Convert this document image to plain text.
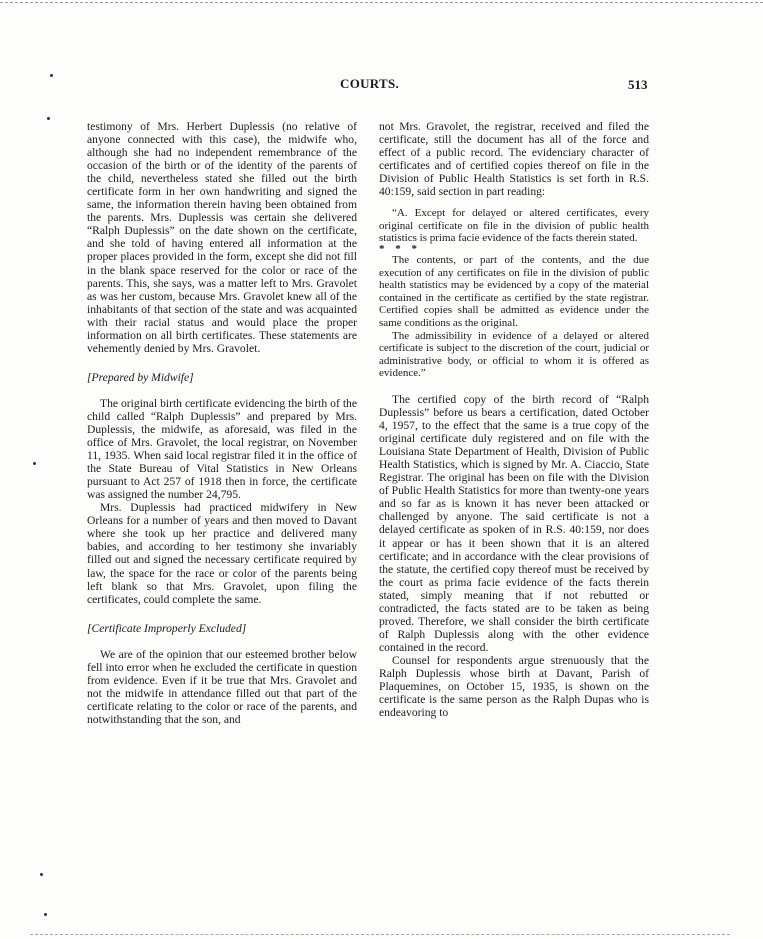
COURTS.	513

testimony of Mrs. Herbert Duplessis (no relative of anyone connected with this case), the midwife who, although she had no independent remembrance of the occasion of the birth or of the identity of the parents of the child, nevertheless stated she filled out the birth certificate form in her own handwriting and signed the same, the information therein having been obtained from the parents. Mrs. Duplessis was certain she delivered “Ralph Duplessis” on the date shown on the certificate, and she told of having entered all information at the proper places provided in the form, except she did not fill in the blank space reserved for the color or race of the parents. This, she says, was a matter left to Mrs. Gravolet as was her custom, because Mrs. Gravolet knew all of the inhabitants of that section of the state and was acquainted with their racial status and would place the proper information on all birth certificates. These statements are vehemently denied by Mrs. Gravolet.

[Prepared by Midwife]

The original birth certificate evidencing the birth of the child called “Ralph Duplessis” and prepared by Mrs. Duplessis, the midwife, as aforesaid, was filed in the office of Mrs. Gravolet, the local registrar, on November 11, 1935. When said local registrar filed it in the office of the State Bureau of Vital Statistics in New Orleans pursuant to Act 257 of 1918 then in force, the certificate was assigned the number 24,795.

Mrs. Duplessis had practiced midwifery in New Orleans for a number of years and then moved to Davant where she took up her practice and delivered many babies, and according to her testimony she invariably filled out and signed the necessary certificate required by law, the space for the race or color of the parents being left blank so that Mrs. Gravolet, upon filing the certificates, could complete the same.

[Certificate Improperly Excluded]

We are of the opinion that our esteemed brother below fell into error when he excluded the certificate in question from evidence. Even if it be true that Mrs. Gravolet and not the midwife in attendance filled out that part of the certificate relating to the color or race of the parents, and notwithstanding that the son, and

not Mrs. Gravolet, the registrar, received and filed the certificate, still the document has all of the force and effect of a public record. The evidenciary character of certificates and of certified copies thereof on file in the Division of Public Health Statistics is set forth in R.S. 40:159, said section in part reading:

“A. Except for delayed or altered certificates, every original certificate on file in the division of public health statistics is prima facie evidence of the facts therein stated.

* * *

The contents, or part of the contents, and the due execution of any certificates on file in the division of public health statistics may be evidenced by a copy of the material contained in the certificate as certified by the state registrar. Certified copies shall be admitted as evidence under the same conditions as the original.

The admissibility in evidence of a delayed or altered certificate is subject to the discretion of the court, judicial or administrative body, or official to whom it is offered as evidence.”

The certified copy of the birth record of “Ralph Duplessis” before us bears a certification, dated October 4, 1957, to the effect that the same is a true copy of the original certificate duly registered and on file with the Louisiana State Department of Health, Division of Public Health Statistics, which is signed by Mr. A. Ciaccio, State Registrar. The original has been on file with the Division of Public Health Statistics for more than twenty-one years and so far as is known it has never been attacked or challenged by anyone. The said certificate is not a delayed certificate as spoken of in R.S. 40:159, nor does it appear or has it been shown that it is an altered certificate; and in accordance with the clear provisions of the statute, the certified copy thereof must be received by the court as prima facie evidence of the facts therein stated, simply meaning that if not rebutted or contradicted, the facts stated are to be taken as being proved. Therefore, we shall consider the birth certificate of Ralph Duplessis along with the other evidence contained in the record.

Counsel for respondents argue strenuously that the Ralph Duplessis whose birth at Davant, Parish of Plaquemines, on October 15, 1935, is shown on the certificate is the same person as the Ralph Dupas who is endeavoring to
